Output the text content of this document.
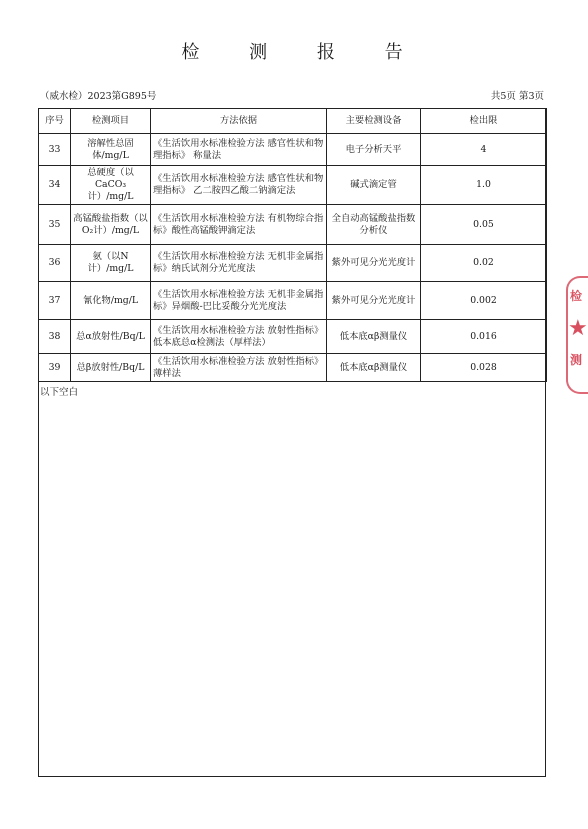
检	测	报	告
（威水检）2023第G895号	共5页 第3页
序号	检测项目	方法依据	主要检测设备	检出限
33	溶解性总固体/mg/L	《生活饮用水标准检验方法 感官性状和物理指标》 称量法	电子分析天平	4
34	总硬度（以CaCO₃计）/mg/L	《生活饮用水标准检验方法 感官性状和物理指标》 乙二胺四乙酸二钠滴定法	碱式滴定管	1.0
35	高锰酸盐指数（以O₂计）/mg/L	《生活饮用水标准检验方法 有机物综合指标》酸性高锰酸钾滴定法	全自动高锰酸盐指数分析仪	0.05
36	氨（以N计）/mg/L	《生活饮用水标准检验方法 无机非金属指标》纳氏试剂分光光度法	紫外可见分光光度计	0.02
37	氰化物/mg/L	《生活饮用水标准检验方法 无机非金属指标》异烟酸-巴比妥酸分光光度法	紫外可见分光光度计	0.002
38	总α放射性/Bq/L	《生活饮用水标准检验方法 放射性指标》低本底总α检测法（厚样法）	低本底αβ测量仪	0.016
39	总β放射性/Bq/L	《生活饮用水标准检验方法 放射性指标》薄样法	低本底αβ测量仪	0.028
以下空白
检
★
测
